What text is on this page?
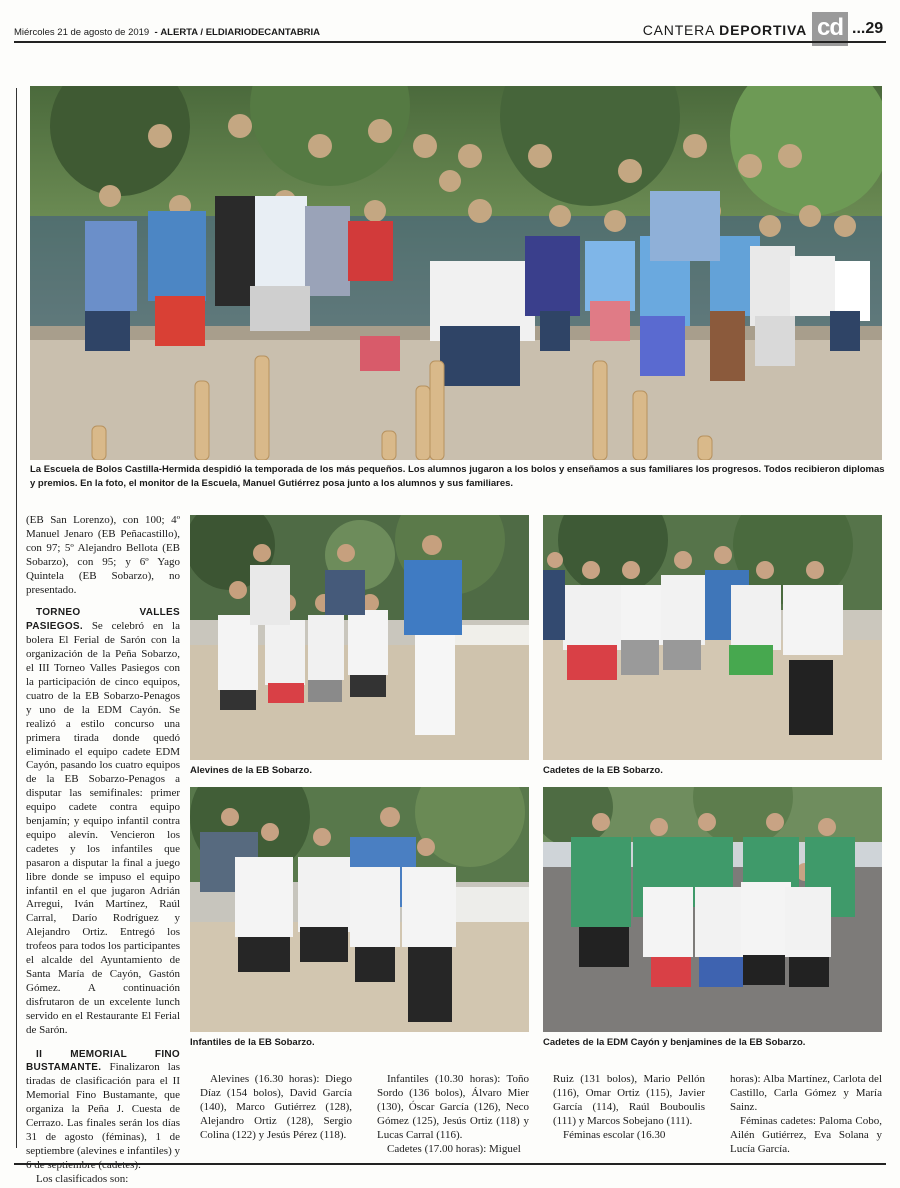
Miércoles 21 de agosto de 2019  - ALERTA / ELDIARIODECANTABRIA	CANTERA DEPORTIVA cd ...29
La Escuela de Bolos Castilla-Hermida despidió la temporada de los más pequeños. Los alumnos jugaron a los bolos y enseñamos a sus familiares los progresos. Todos recibieron diplomas y premios. En la foto, el monitor de la Escuela, Manuel Gutiérrez posa junto a los alumnos y sus familiares.
Alevines de la EB Sobarzo.	Cadetes de la EB Sobarzo.
Infantiles de la EB Sobarzo.	Cadetes de la EDM Cayón y benjamines de la EB Sobarzo.

(EB San Lorenzo), con 100; 4º Manuel Jenaro (EB Peñacastillo), con 97; 5º Alejandro Bellota (EB Sobarzo), con 95; y 6º Yago Quintela (EB Sobarzo), no presentado.

TORNEO VALLES PASIEGOS. Se celebró en la bolera El Ferial de Sarón con la organización de la Peña Sobarzo, el III Torneo Valles Pasiegos con la participación de cinco equipos, cuatro de la EB Sobarzo-Penagos y uno de la EDM Cayón. Se realizó a estilo concurso una primera tirada donde quedó eliminado el equipo cadete EDM Cayón, pasando los cuatro equipos de la EB Sobarzo-Penagos a disputar las semifinales: primer equipo cadete contra equipo benjamín; y equipo infantil contra equipo alevín. Vencieron los cadetes y los infantiles que pasaron a disputar la final a juego libre donde se impuso el equipo infantil en el que jugaron Adrián Arregui, Iván Martínez, Raúl Carral, Darío Rodríguez y Alejandro Ortiz. Entregó los trofeos para todos los participantes el alcalde del Ayuntamiento de Santa María de Cayón, Gastón Gómez. A continuación disfrutaron de un excelente lunch servido en el Restaurante El Ferial de Sarón.

II MEMORIAL FINO BUSTAMANTE. Finalizaron las tiradas de clasificación para el II Memorial Fino Bustamante, que organiza la Peña J. Cuesta de Cerrazo. Las finales serán los días 31 de agosto (féminas), 1 de septiembre (alevines e infantiles) y

Los clasificados son:

Alevines (16.30 horas): Diego Díaz (154 bolos), David García (140), Marco Gutiérrez (128), Alejandro Ortiz (128), Sergio Colina (122) y Jesús Pérez (118).

Infantiles (10.30 horas): Toño Sordo (136 bolos), Álvaro Mier (130), Óscar García (126), Neco Gómez (125), Jesús Ortiz (118) y Lucas Carral (116).

Cadetes (17.00 horas): Miguel

Ruiz (131 bolos), Mario Pellón (116), Omar Ortiz (115), Javier García (114), Raúl Bouboulis (111) y Marcos Sobejano (111).

Féminas escolar (16.30

horas): Alba Martínez, Carlota del Castillo, Carla Gómez y María Sainz.

Féminas cadetes: Paloma Cobo, Ailén Gutiérrez, Eva Solana y Lucía García.
